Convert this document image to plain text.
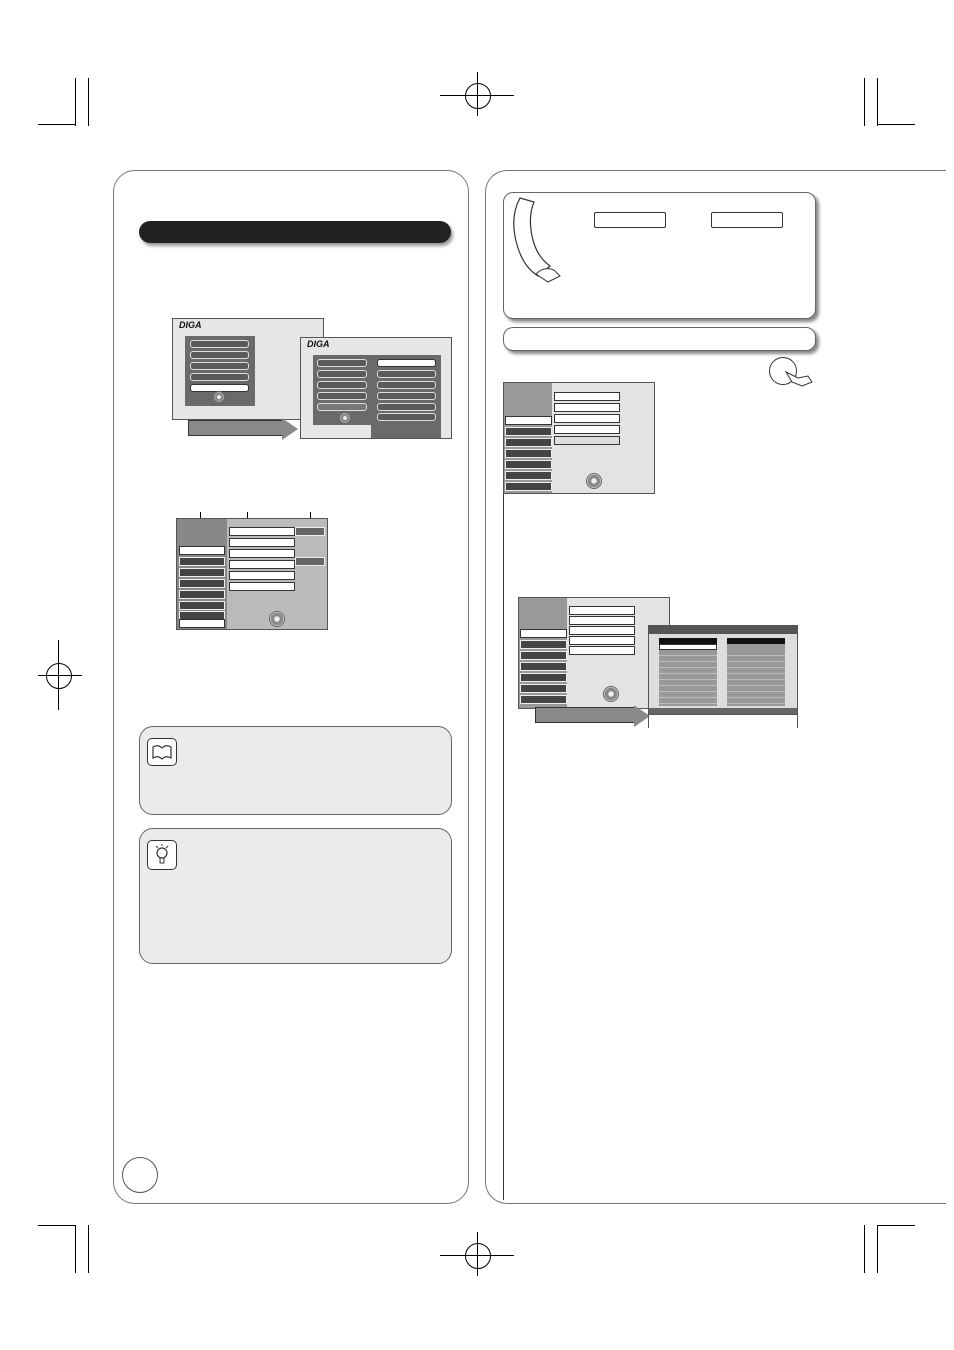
DIGA
DIGA
